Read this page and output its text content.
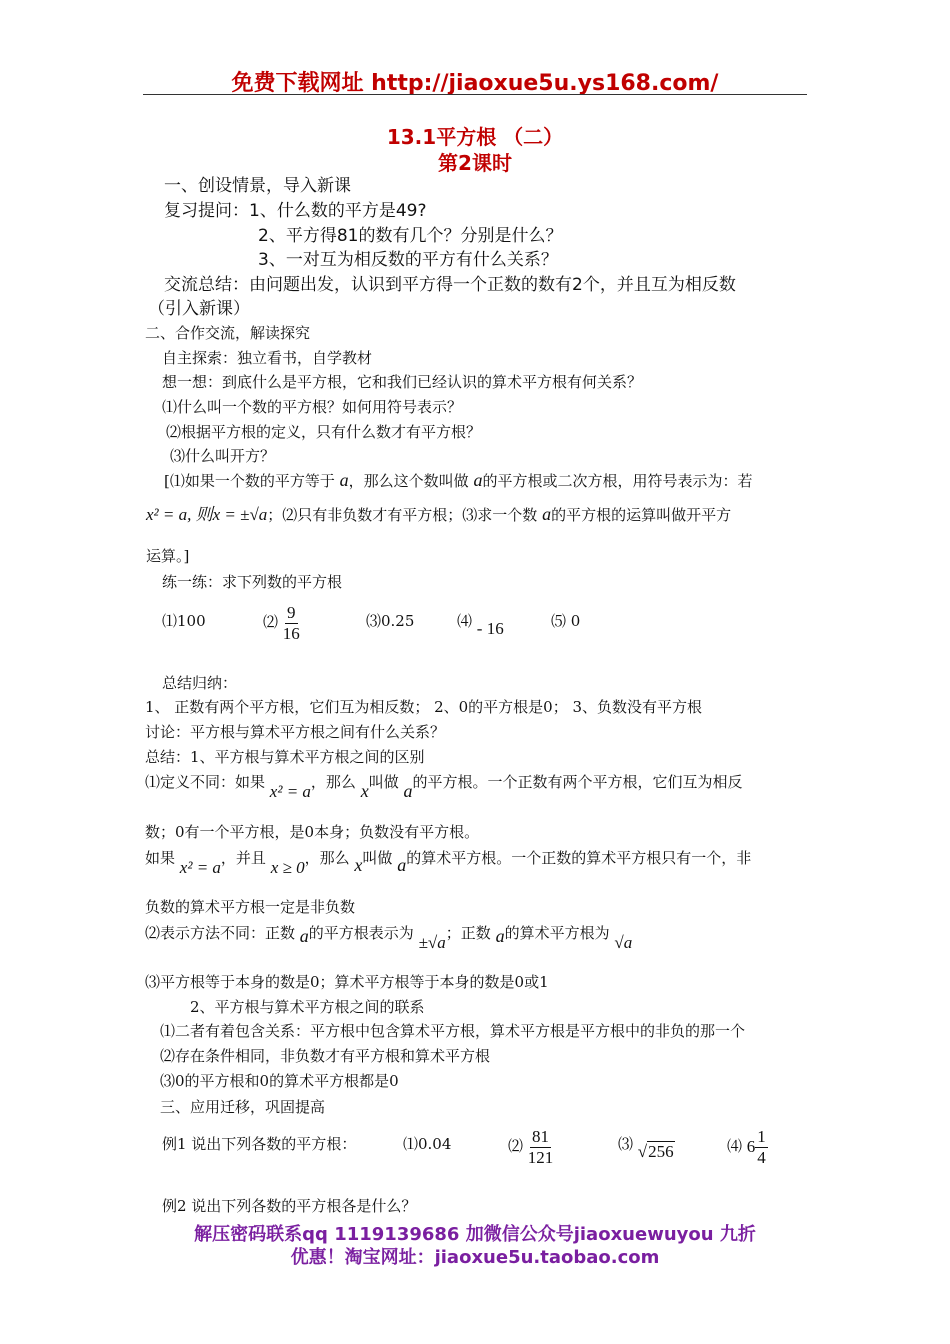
免费下载网址 http://jiaoxue5u.ys168.com/
13.1平方根 （二）
第2课时
一、创设情景，导入新课
复习提问：1、什么数的平方是49?
2、平方得81的数有几个？分别是什么？
3、一对互为相反数的平方有什么关系？
交流总结：由问题出发，认识到平方得一个正数的数有2个，并且互为相反数
（引入新课）
二、合作交流，解读探究
自主探索：独立看书，自学教材
想一想：到底什么是平方根，它和我们已经认识的算术平方根有何关系？
⑴什么叫一个数的平方根？如何用符号表示？
⑵根据平方根的定义，只有什么数才有平方根？
⑶什么叫开方？
[⑴如果一个数的平方等于 a，那么这个数叫做 a的平方根或二次方根，用符号表示为：若
x² = a, 则x = ±√a；⑵只有非负数才有平方根；⑶求一个数 a的平方根的运算叫做开平方
运算。]
练一练：求下列数的平方根
⑴100	⑵ $\frac{9}{16}$	⑶0.25	⑷ - 16	⑸ 0
总结归纳：
1、 正数有两个平方根，它们互为相反数； 2、0的平方根是0； 3、负数没有平方根
讨论：平方根与算术平方根之间有什么关系？
总结：1、平方根与算术平方根之间的区别
⑴定义不同：如果 x² = a，那么 x叫做 a的平方根。一个正数有两个平方根，它们互为相反
数；0有一个平方根，是0本身；负数没有平方根。
如果 x² = a，并且 x ≥ 0，那么 x叫做 a的算术平方根。一个正数的算术平方根只有一个，非
负数的算术平方根一定是非负数
⑵表示方法不同：正数 a的平方根表示为 ±√a；正数 a的算术平方根为 √a
⑶平方根等于本身的数是0；算术平方根等于本身的数是0或1
2、平方根与算术平方根之间的联系
⑴二者有着包含关系：平方根中包含算术平方根，算术平方根是平方根中的非负的那一个
⑵存在条件相同，非负数才有平方根和算术平方根
⑶0的平方根和0的算术平方根都是0
三、应用迁移，巩固提高
例1 说出下列各数的平方根：	⑴0.04	⑵ $\frac{81}{121}$	⑶ √256	⑷ $6 \frac{1}{4}$
例2 说出下列各数的平方根各是什么？
解压密码联系qq 1119139686 加微信公众号jiaoxuewuyou 九折
优惠！淘宝网址：jiaoxue5u.taobao.com
